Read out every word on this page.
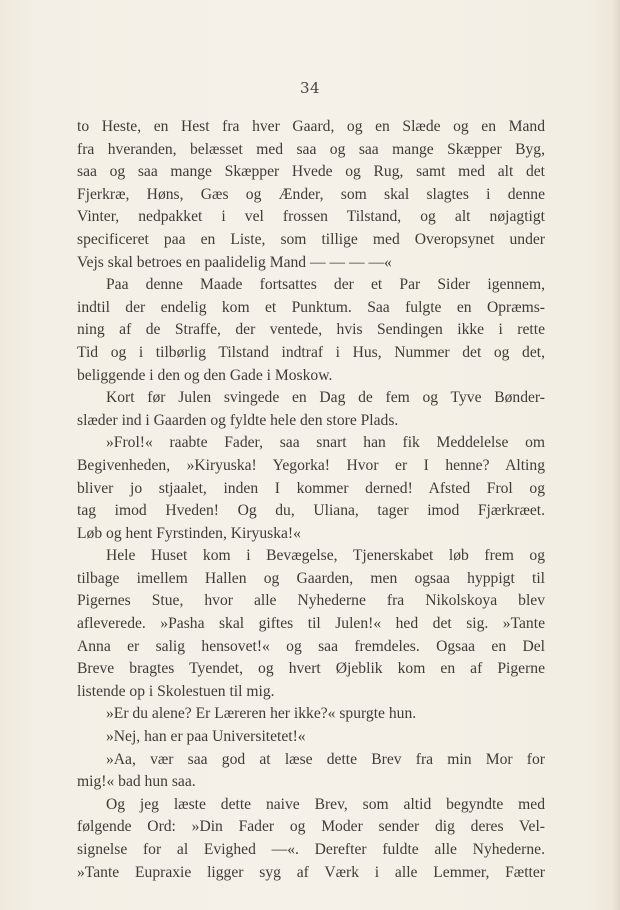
34
to Heste, en Hest fra hver Gaard, og en Slæde og en Mand
fra hveranden, belæsset med saa og saa mange Skæpper Byg,
saa og saa mange Skæpper Hvede og Rug, samt med alt det
Fjerkræ, Høns, Gæs og Ænder, som skal slagtes i denne
Vinter, nedpakket i vel frossen Tilstand, og alt nøjagtigt
specificeret paa en Liste, som tillige med Overopsynet under
Vejs skal betroes en paalidelig Mand — — — —«
Paa denne Maade fortsattes der et Par Sider igennem,
indtil der endelig kom et Punktum. Saa fulgte en Opræms-
ning af de Straffe, der ventede, hvis Sendingen ikke i rette
Tid og i tilbørlig Tilstand indtraf i Hus, Nummer det og det,
beliggende i den og den Gade i Moskow.
Kort før Julen svingede en Dag de fem og Tyve Bønder-
slæder ind i Gaarden og fyldte hele den store Plads.
»Frol!« raabte Fader, saa snart han fik Meddelelse om
Begivenheden, »Kiryuska! Yegorka! Hvor er I henne? Alting
bliver jo stjaalet, inden I kommer derned! Afsted Frol og
tag imod Hveden! Og du, Uliana, tager imod Fjærkræet.
Løb og hent Fyrstinden, Kiryuska!«
Hele Huset kom i Bevægelse, Tjenerskabet løb frem og
tilbage imellem Hallen og Gaarden, men ogsaa hyppigt til
Pigernes Stue, hvor alle Nyhederne fra Nikolskoya blev
afleverede. »Pasha skal giftes til Julen!« hed det sig. »Tante
Anna er salig hensovet!« og saa fremdeles. Ogsaa en Del
Breve bragtes Tyendet, og hvert Øjeblik kom en af Pigerne
listende op i Skolestuen til mig.
»Er du alene? Er Læreren her ikke?« spurgte hun.
»Nej, han er paa Universitetet!«
»Aa, vær saa god at læse dette Brev fra min Mor for
mig!« bad hun saa.
Og jeg læste dette naive Brev, som altid begyndte med
følgende Ord: »Din Fader og Moder sender dig deres Vel-
signelse for al Evighed —«. Derefter fuldte alle Nyhederne.
»Tante Eupraxie ligger syg af Værk i alle Lemmer, Fætter
